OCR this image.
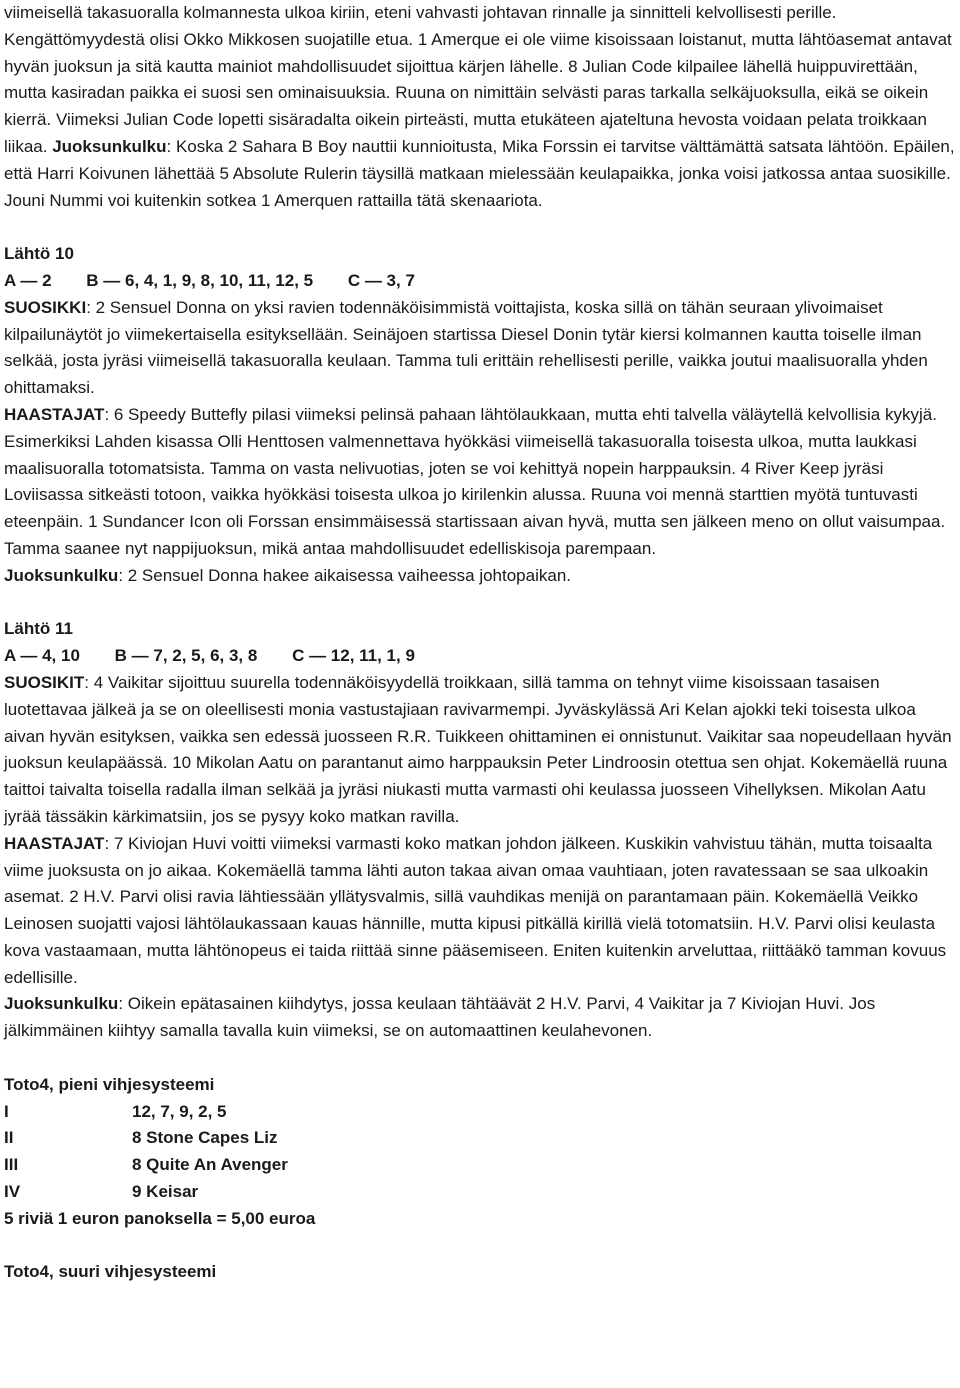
viimeisellä takasuoralla kolmannesta ulkoa kiriin, eteni vahvasti johtavan rinnalle ja sinnitteli kelvollisesti perille. Kengättömyydestä olisi Okko Mikkosen suojatille etua. 1 Amerque ei ole viime kisoissaan loistanut, mutta lähtöasemat antavat hyvän juoksun ja sitä kautta mainiot mahdollisuudet sijoittua kärjen lähelle. 8 Julian Code kilpailee lähellä huippuvirettään, mutta kasiradan paikka ei suosi sen ominaisuuksia. Ruuna on nimittäin selvästi paras tarkalla selkäjuoksulla, eikä se oikein kierrä. Viimeksi Julian Code lopetti sisäradalta oikein pirteästi, mutta etukäteen ajateltuna hevosta voidaan pelata troikkaan liikaa. Juoksunkulku: Koska 2 Sahara B Boy nauttii kunnioitusta, Mika Forssin ei tarvitse välttämättä satsata lähtöön. Epäilen, että Harri Koivunen lähettää 5 Absolute Rulerin täysillä matkaan mielessään keulapaikka, jonka voisi jatkossa antaa suosikille. Jouni Nummi voi kuitenkin sotkea 1 Amerquen rattailla tätä skenaariota.

Lähtö 10

A — 2 B — 6, 4, 1, 9, 8, 10, 11, 12, 5 C — 3, 7

SUOSIKKI: 2 Sensuel Donna on yksi ravien todennäköisimmistä voittajista, koska sillä on tähän seuraan ylivoimaiset kilpailunäytöt jo viimekertaisella esityksellään. Seinäjoen startissa Diesel Donin tytär kiersi kolmannen kautta toiselle ilman selkää, josta jyräsi viimeisellä takasuoralla keulaan. Tamma tuli erittäin rehellisesti perille, vaikka joutui maalisuoralla yhden ohittamaksi.

HAASTAJAT: 6 Speedy Buttefly pilasi viimeksi pelinsä pahaan lähtölaukkaan, mutta ehti talvella väläytellä kelvollisia kykyjä. Esimerkiksi Lahden kisassa Olli Henttosen valmennettava hyökkäsi viimeisellä takasuoralla toisesta ulkoa, mutta laukkasi maalisuoralla totomatsista. Tamma on vasta nelivuotias, joten se voi kehittyä nopein harppauksin. 4 River Keep jyräsi Loviisassa sitkeästi totoon, vaikka hyökkäsi toisesta ulkoa jo kirilenkin alussa. Ruuna voi mennä starttien myötä tuntuvasti eteenpäin. 1 Sundancer Icon oli Forssan ensimmäisessä startissaan aivan hyvä, mutta sen jälkeen meno on ollut vaisumpaa. Tamma saanee nyt nappijuoksun, mikä antaa mahdollisuudet edelliskisoja parempaan.

Juoksunkulku: 2 Sensuel Donna hakee aikaisessa vaiheessa johtopaikan.

Lähtö 11

A — 4, 10 B — 7, 2, 5, 6, 3, 8 C — 12, 11, 1, 9

SUOSIKIT: 4 Vaikitar sijoittuu suurella todennäköisyydellä troikkaan, sillä tamma on tehnyt viime kisoissaan tasaisen luotettavaa jälkeä ja se on oleellisesti monia vastustajiaan ravivarmempi. Jyväskylässä Ari Kelan ajokki teki toisesta ulkoa aivan hyvän esityksen, vaikka sen edessä juosseen R.R. Tuikkeen ohittaminen ei onnistunut. Vaikitar saa nopeudellaan hyvän juoksun keulapäässä. 10 Mikolan Aatu on parantanut aimo harppauksin Peter Lindroosin otettua sen ohjat. Kokemäellä ruuna taittoi taivalta toisella radalla ilman selkää ja jyräsi niukasti mutta varmasti ohi keulassa juosseen Vihellyksen. Mikolan Aatu jyrää tässäkin kärkimatsiin, jos se pysyy koko matkan ravilla.

HAASTAJAT: 7 Kiviojan Huvi voitti viimeksi varmasti koko matkan johdon jälkeen. Kuskikin vahvistuu tähän, mutta toisaalta viime juoksusta on jo aikaa. Kokemäellä tamma lähti auton takaa aivan omaa vauhtiaan, joten ravatessaan se saa ulkoakin asemat. 2 H.V. Parvi olisi ravia lähtiessään yllätysvalmis, sillä vauhdikas menijä on parantamaan päin. Kokemäellä Veikko Leinosen suojatti vajosi lähtölaukassaan kauas hännille, mutta kipusi pitkällä kirillä vielä totomatsiin. H.V. Parvi olisi keulasta kova vastaamaan, mutta lähtönopeus ei taida riittää sinne pääsemiseen. Eniten kuitenkin arveluttaa, riittääkö tamman kovuus edellisille.

Juoksunkulku: Oikein epätasainen kiihdytys, jossa keulaan tähtäävät 2 H.V. Parvi, 4 Vaikitar ja 7 Kiviojan Huvi. Jos jälkimmäinen kiihtyy samalla tavalla kuin viimeksi, se on automaattinen keulahevonen.

Toto4, pieni vihjesysteemi

I	12, 7, 9, 2, 5
II	8 Stone Capes Liz
III	8 Quite An Avenger
IV	9 Keisar

5 riviä 1 euron panoksella = 5,00 euroa

Toto4, suuri vihjesysteemi
